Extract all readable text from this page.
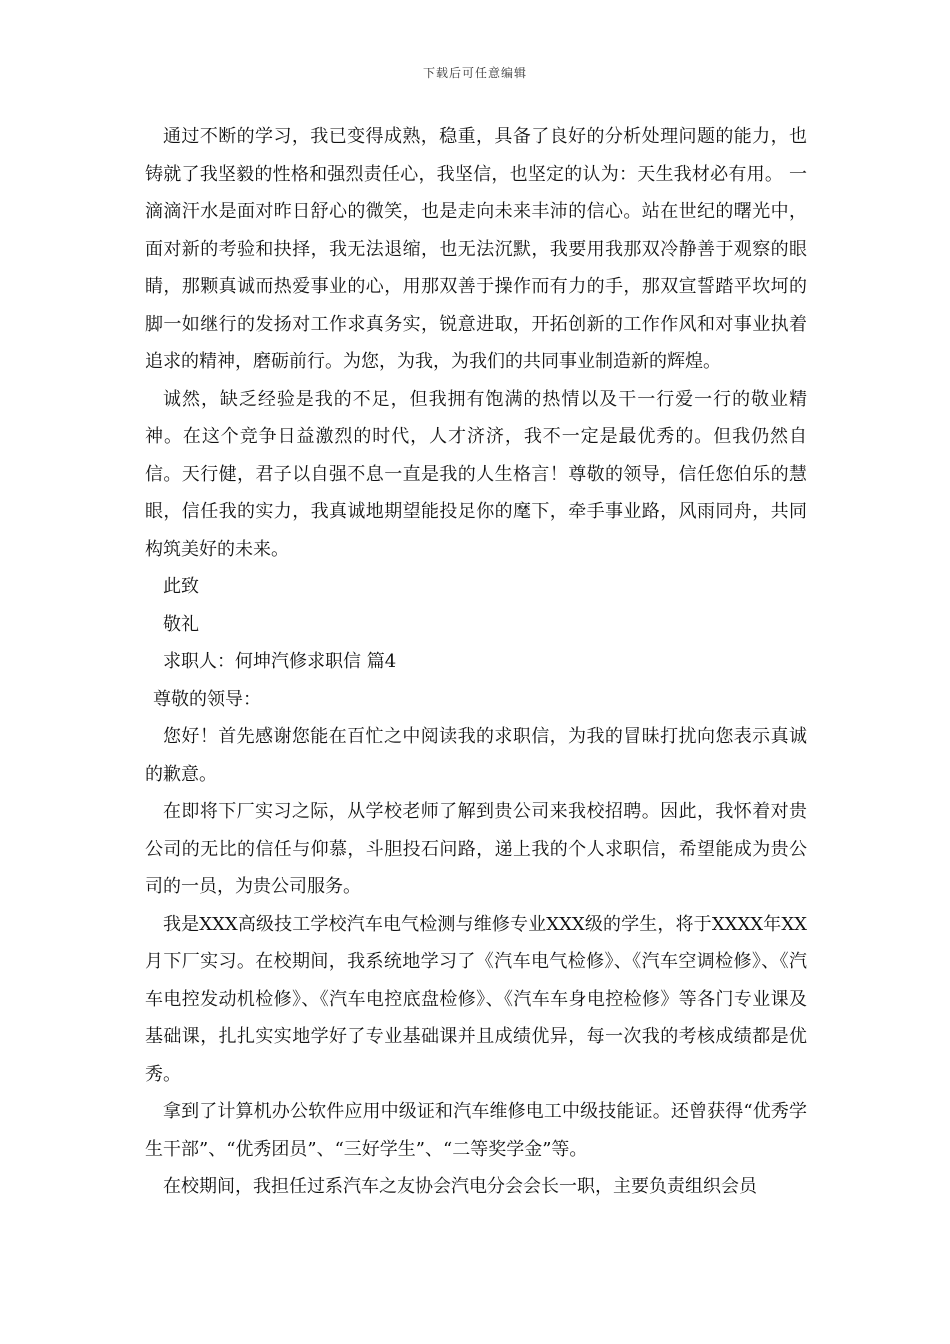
下载后可任意编辑

通过不断的学习，我已变得成熟，稳重，具备了良好的分析处理问题的能力，也铸就了我坚毅的性格和强烈责任心，我坚信，也坚定的认为：天生我材必有用。 一滴滴汗水是面对昨日舒心的微笑，也是走向未来丰沛的信心。站在世纪的曙光中，面对新的考验和抉择，我无法退缩，也无法沉默，我要用我那双冷静善于观察的眼睛，那颗真诚而热爱事业的心，用那双善于操作而有力的手，那双宣誓踏平坎坷的脚一如继行的发扬对工作求真务实，锐意进取，开拓创新的工作作风和对事业执着追求的精神，磨砺前行。为您，为我，为我们的共同事业制造新的辉煌。

诚然，缺乏经验是我的不足，但我拥有饱满的热情以及干一行爱一行的敬业精神。在这个竞争日益激烈的时代，人才济济，我不一定是最优秀的。但我仍然自信。天行健，君子以自强不息一直是我的人生格言！尊敬的领导，信任您伯乐的慧眼，信任我的实力，我真诚地期望能投足你的麾下，牵手事业路，风雨同舟，共同构筑美好的未来。

此致

敬礼

求职人：何坤汽修求职信 篇4

尊敬的领导：

您好！首先感谢您能在百忙之中阅读我的求职信，为我的冒昧打扰向您表示真诚的歉意。

在即将下厂实习之际，从学校老师了解到贵公司来我校招聘。因此，我怀着对贵公司的无比的信任与仰慕，斗胆投石问路，递上我的个人求职信，希望能成为贵公司的一员，为贵公司服务。

我是XXX高级技工学校汽车电气检测与维修专业XXX级的学生，将于XXXX年XX月下厂实习。在校期间，我系统地学习了《汽车电气检修》、《汽车空调检修》、《汽车电控发动机检修》、《汽车电控底盘检修》、《汽车车身电控检修》等各门专业课及基础课，扎扎实实地学好了专业基础课并且成绩优异，每一次我的考核成绩都是优秀。

拿到了计算机办公软件应用中级证和汽车维修电工中级技能证。还曾获得“优秀学生干部”、“优秀团员”、“三好学生”、“二等奖学金”等。

在校期间，我担任过系汽车之友协会汽电分会会长一职，主要负责组织会员
